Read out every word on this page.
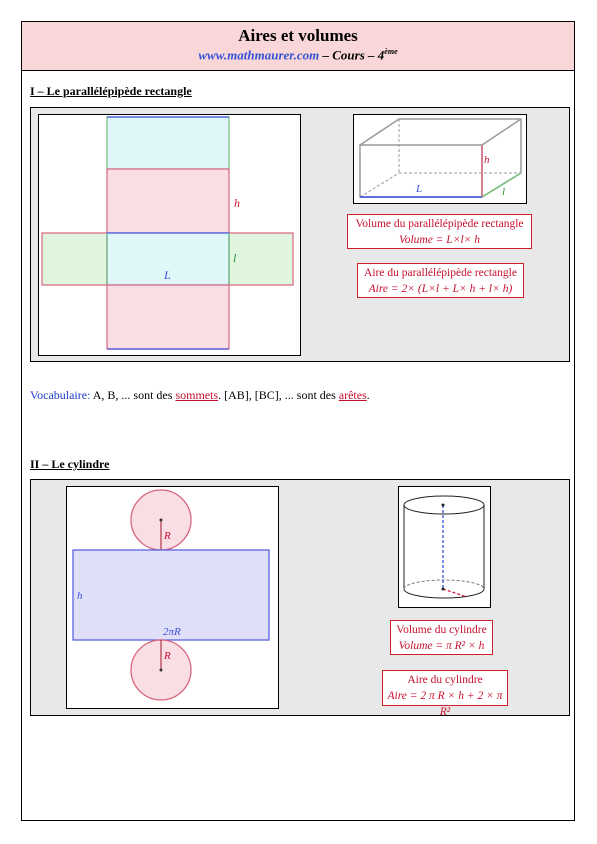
Aires et volumes
www.mathmaurer.com – Cours – 4ème
I – Le parallélépipède rectangle
h
l
L
h
L	l
Volume du parallélépipède rectangle
Volume = L×l× h
Aire du parallélépipède rectangle
Aire = 2× (L×l + L× h + l× h)
Vocabulaire: A, B, ... sont des sommets. [AB], [BC], ... sont des arêtes.
II – Le cylindre
R
h
2πR
R
Volume du cylindre
Volume = π R² × h
Aire du cylindre
Aire = 2 π R × h + 2 × π R²
